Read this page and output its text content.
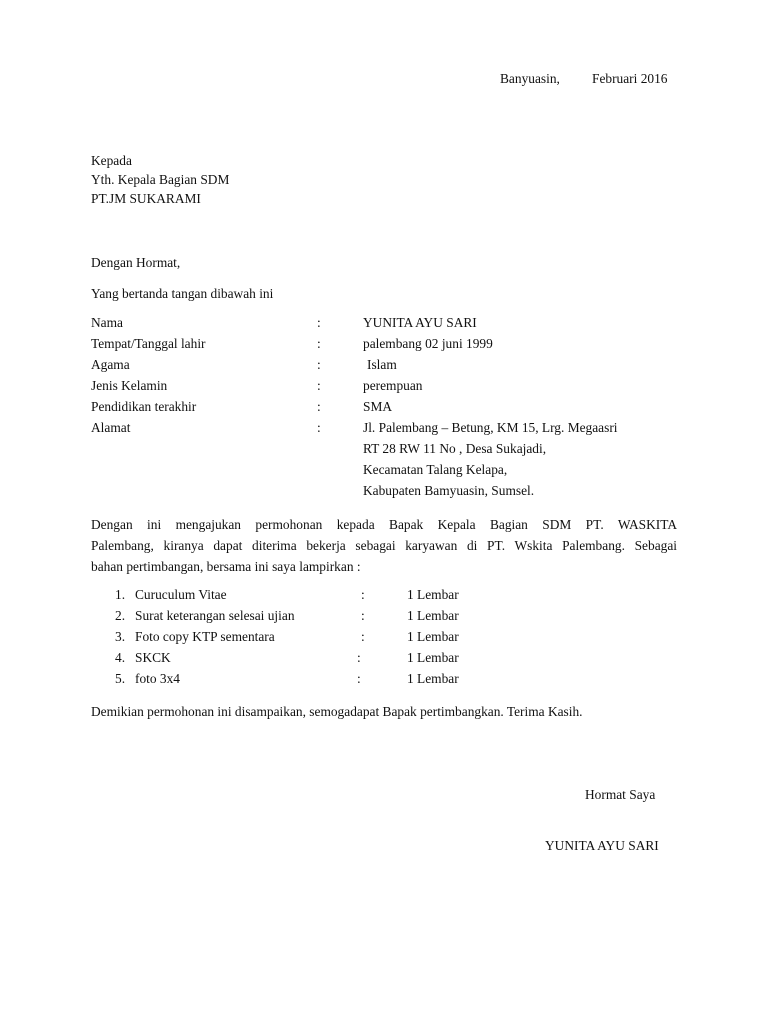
Banyuasin, Februari 2016
Kepada
Yth. Kepala Bagian SDM
PT.JM SUKARAMI
Dengan Hormat,
Yang bertanda tangan dibawah ini
Nama	:	YUNITA AYU SARI
Tempat/Tanggal lahir	:	palembang 02 juni 1999
Agama	:	Islam
Jenis Kelamin	:	perempuan
Pendidikan terakhir	:	SMA
Alamat	:	Jl. Palembang – Betung, KM 15, Lrg. Megaasri
RT 28 RW 11 No , Desa Sukajadi,
Kecamatan Talang Kelapa,
Kabupaten Bamyuasin, Sumsel.
Dengan ini mengajukan permohonan kepada Bapak Kepala Bagian SDM PT. WASKITA
Palembang, kiranya dapat diterima bekerja sebagai karyawan di PT. Wskita Palembang. Sebagai
bahan pertimbangan, bersama ini saya lampirkan :
1. Curuculum Vitae	:	1 Lembar
2. Surat keterangan selesai ujian	:	1 Lembar
3. Foto copy KTP sementara	:	1 Lembar
4. SKCK	:	1 Lembar
5. foto 3x4	:	1 Lembar
Demikian permohonan ini disampaikan, semogadapat Bapak pertimbangkan. Terima Kasih.
Hormat Saya
YUNITA AYU SARI
